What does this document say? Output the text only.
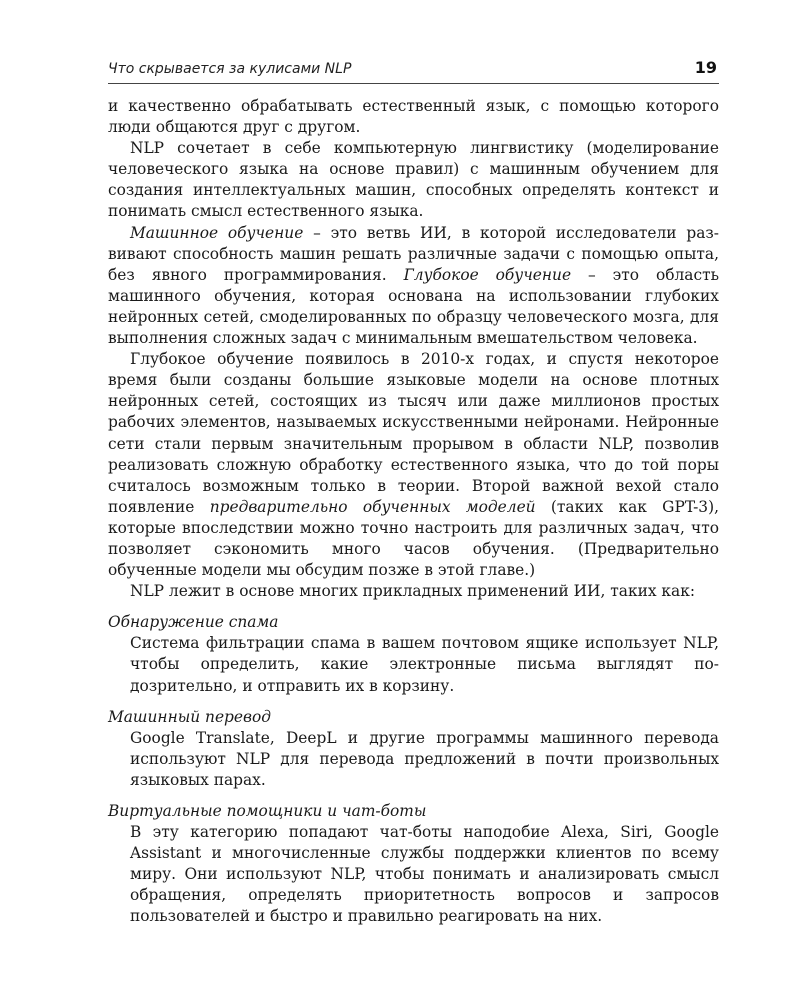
Что скрывается за кулисами NLP	19

и качественно обрабатывать естественный язык, с помощью которого люди общаются друг с другом.

NLP сочетает в себе компьютерную лингвистику (моделирование человеческого языка на основе правил) с машинным обучением для создания интеллектуальных машин, способных определять контекст и понимать смысл естественного языка.

Машинное обучение – это ветвь ИИ, в которой исследователи развивают способность машин решать различные задачи с помощью опыта, без явного программирования. Глубокое обучение – это область машинного обучения, которая основана на использовании глубоких нейронных сетей, смоделированных по образцу человеческого мозга, для выполнения сложных задач с минимальным вмешательством человека.

Глубокое обучение появилось в 2010-х годах, и спустя некоторое время были созданы большие языковые модели на основе плотных нейронных сетей, состоящих из тысяч или даже миллионов простых рабочих элементов, называемых искусственными нейронами. Нейронные сети стали первым значительным прорывом в области NLP, позволив реализовать сложную обработку естественного языка, что до той поры считалось возможным только в теории. Второй важной вехой стало появление предварительно обученных моделей (таких как GPT-3), которые впоследствии можно точно настроить для различных задач, что позволяет сэкономить много часов обучения. (Предварительно обученные модели мы обсудим позже в этой главе.)

NLP лежит в основе многих прикладных применений ИИ, таких как:

Обнаружение спама

Система фильтрации спама в вашем почтовом ящике использует NLP, чтобы определить, какие электронные письма выглядят подозрительно, и отправить их в корзину.

Машинный перевод

Google Translate, DeepL и другие программы машинного перевода используют NLP для перевода предложений в почти произвольных языковых парах.

Виртуальные помощники и чат-боты

В эту категорию попадают чат-боты наподобие Alexa, Siri, Google Assistant и многочисленные службы поддержки клиентов по всему миру. Они используют NLP, чтобы понимать и анализировать смысл обращения, определять приоритетность вопросов и запросов пользователей и быстро и правильно реагировать на них.
